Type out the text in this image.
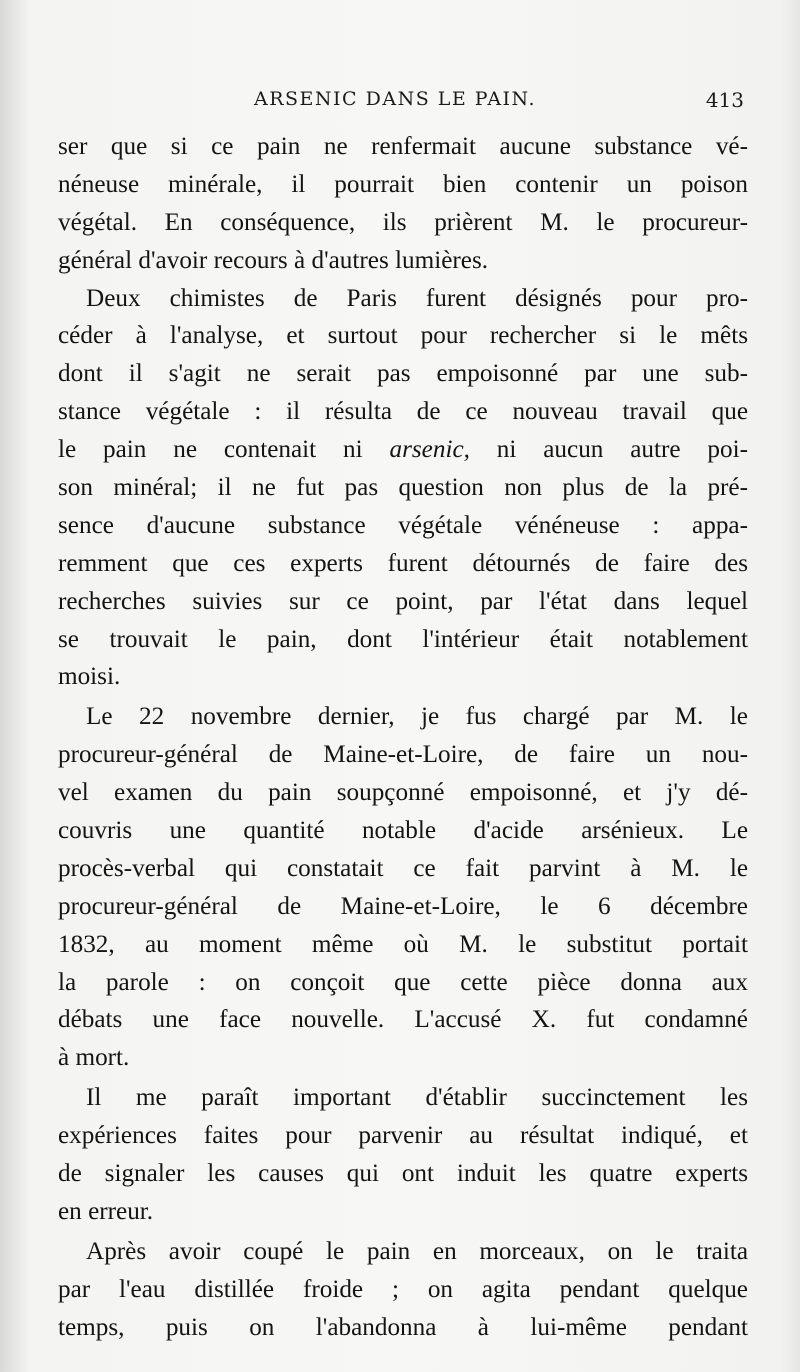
ARSENIC DANS LE PAIN.	413
ser que si ce pain ne renfermait aucune substance vé-
néneuse minérale, il pourrait bien contenir un poison
végétal. En conséquence, ils prièrent M. le procureur-
général d'avoir recours à d'autres lumières.
Deux chimistes de Paris furent désignés pour pro-
céder à l'analyse, et surtout pour rechercher si le mêts
dont il s'agit ne serait pas empoisonné par une sub-
stance végétale : il résulta de ce nouveau travail que
le pain ne contenait ni arsenic, ni aucun autre poi-
son minéral; il ne fut pas question non plus de la pré-
sence d'aucune substance végétale vénéneuse : appa-
remment que ces experts furent détournés de faire des
recherches suivies sur ce point, par l'état dans lequel
se trouvait le pain, dont l'intérieur était notablement
moisi.
Le 22 novembre dernier, je fus chargé par M. le
procureur-général de Maine-et-Loire, de faire un nou-
vel examen du pain soupçonné empoisonné, et j'y dé-
couvris une quantité notable d'acide arsénieux. Le
procès-verbal qui constatait ce fait parvint à M. le
procureur-général de Maine-et-Loire, le 6 décembre
1832, au moment même où M. le substitut portait
la parole : on conçoit que cette pièce donna aux
débats une face nouvelle. L'accusé X. fut condamné
à mort.
Il me paraît important d'établir succinctement les
expériences faites pour parvenir au résultat indiqué, et
de signaler les causes qui ont induit les quatre experts
en erreur.
Après avoir coupé le pain en morceaux, on le traita
par l'eau distillée froide ; on agita pendant quelque
temps, puis on l'abandonna à lui-même pendant
